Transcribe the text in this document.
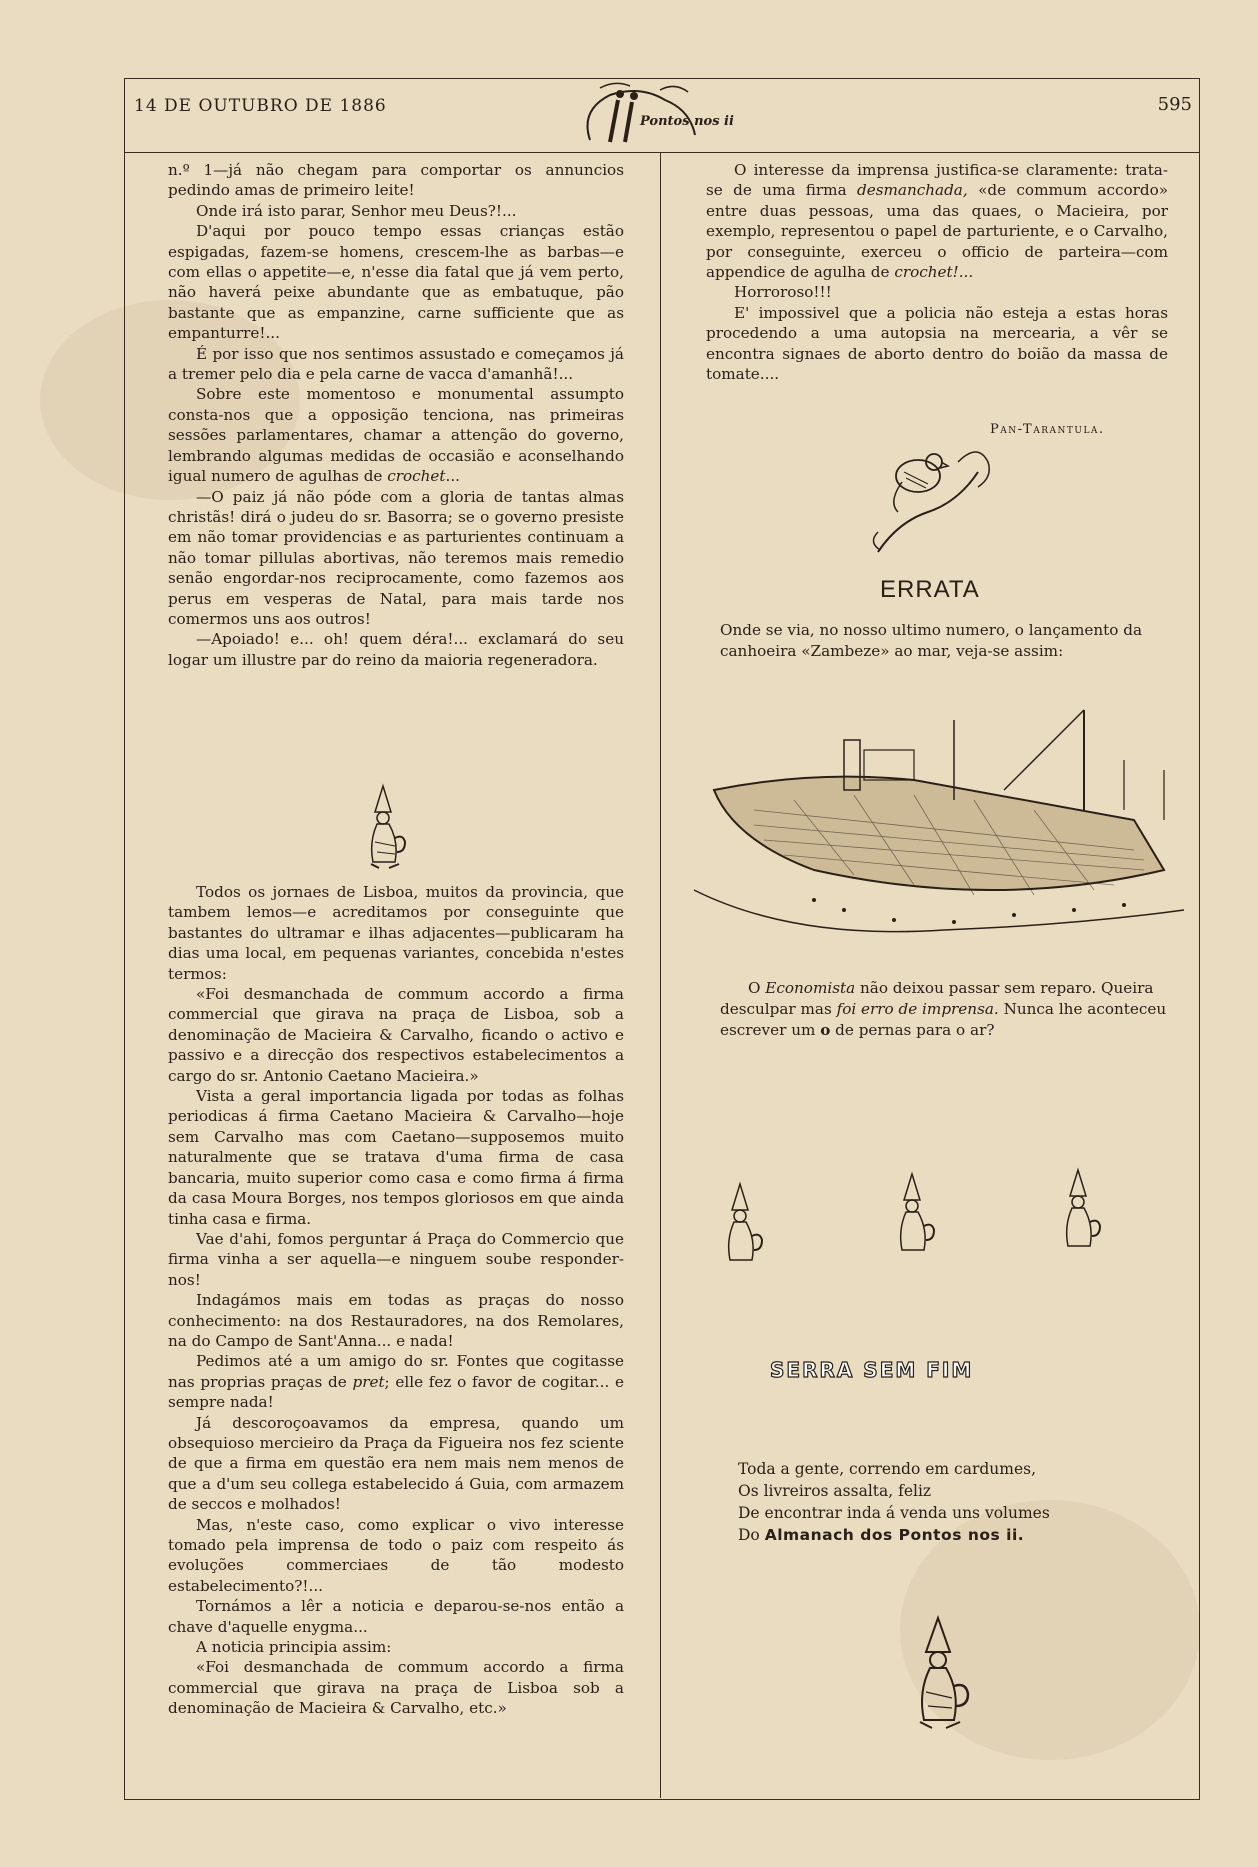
14 DE OUTUBRO DE 1886
Pontos nos ii
595

n.º 1—já não chegam para comportar os annuncios pedindo amas de primeiro leite!

Onde irá isto parar, Senhor meu Deus?!...

D'aqui por pouco tempo essas crianças estão espigadas, fazem-se homens, crescem-lhe as barbas—e com ellas o appetite—e, n'esse dia fatal que já vem perto, não haverá peixe abundante que as embatuque, pão bastante que as empanzine, carne sufficiente que as empanturre!...

É por isso que nos sentimos assustado e começamos já a tremer pelo dia e pela carne de vacca d'amanhã!...

Sobre este momentoso e monumental assumpto consta-nos que a opposição tenciona, nas primeiras sessões parlamentares, chamar a attenção do governo, lembrando algumas medidas de occasião e aconselhando igual numero de agulhas de crochet...

—O paiz já não póde com a gloria de tantas almas christãs! dirá o judeu do sr. Basorra; se o governo presiste em não tomar providencias e as parturientes continuam a não tomar pillulas abortivas, não teremos mais remedio senão engordar-nos reciprocamente, como fazemos aos perus em vesperas de Natal, para mais tarde nos comermos uns aos outros!

—Apoiado! e... oh! quem déra!... exclamará do seu logar um illustre par do reino da maioria regeneradora.

Todos os jornaes de Lisboa, muitos da provincia, que tambem lemos—e acreditamos por conseguinte que bastantes do ultramar e ilhas adjacentes—publicaram ha dias uma local, em pequenas variantes, concebida n'estes termos:

«Foi desmanchada de commum accordo a firma commercial que girava na praça de Lisboa, sob a denominação de Macieira & Carvalho, ficando o activo e passivo e a direcção dos respectivos estabelecimentos a cargo do sr. Antonio Caetano Macieira.»

Vista a geral importancia ligada por todas as folhas periodicas á firma Caetano Macieira & Carvalho—hoje sem Carvalho mas com Caetano—supposemos muito naturalmente que se tratava d'uma firma de casa bancaria, muito superior como casa e como firma á firma da casa Moura Borges, nos tempos gloriosos em que ainda tinha casa e firma.

Vae d'ahi, fomos perguntar á Praça do Commercio que firma vinha a ser aquella—e ninguem soube responder-nos!

Indagámos mais em todas as praças do nosso conhecimento: na dos Restauradores, na dos Remolares, na do Campo de Sant'Anna... e nada!

Pedimos até a um amigo do sr. Fontes que cogitasse nas proprias praças de pret; elle fez o favor de cogitar... e sempre nada!

Já descoroçoavamos da empresa, quando um obsequioso mercieiro da Praça da Figueira nos fez sciente de que a firma em questão era nem mais nem menos de que a d'um seu collega estabelecido á Guia, com armazem de seccos e molhados!

Mas, n'este caso, como explicar o vivo interesse tomado pela imprensa de todo o paiz com respeito ás evoluções commerciaes de tão modesto estabelecimento?!...

Tornámos a lêr a noticia e deparou-se-nos então a chave d'aquelle enygma...

A noticia principia assim:

«Foi desmanchada de commum accordo a firma commercial que girava na praça de Lisboa sob a denominação de Macieira & Carvalho, etc.»

O interesse da imprensa justifica-se claramente: trata-se de uma firma desmanchada, «de commum accordo» entre duas pessoas, uma das quaes, o Macieira, por exemplo, representou o papel de parturiente, e o Carvalho, por conseguinte, exerceu o officio de parteira—com appendice de agulha de crochet!...

Horroroso!!!

E' impossivel que a policia não esteja a estas horas procedendo a uma autopsia na mercearia, a vêr se encontra signaes de aborto dentro do boião da massa de tomate....

Pan-Tarantula.
ERRATA
Onde se via, no nosso ultimo numero, o lançamento da canhoeira «Zambeze» ao mar, veja-se assim:
O Economista não deixou passar sem reparo. Queira desculpar mas foi erro de imprensa. Nunca lhe aconteceu escrever um o de pernas para o ar?
SERRA SEM FIM
Toda a gente, correndo em cardumes,
Os livreiros assalta, feliz
De encontrar inda á venda uns volumes
Do Almanach dos Pontos nos ii.
